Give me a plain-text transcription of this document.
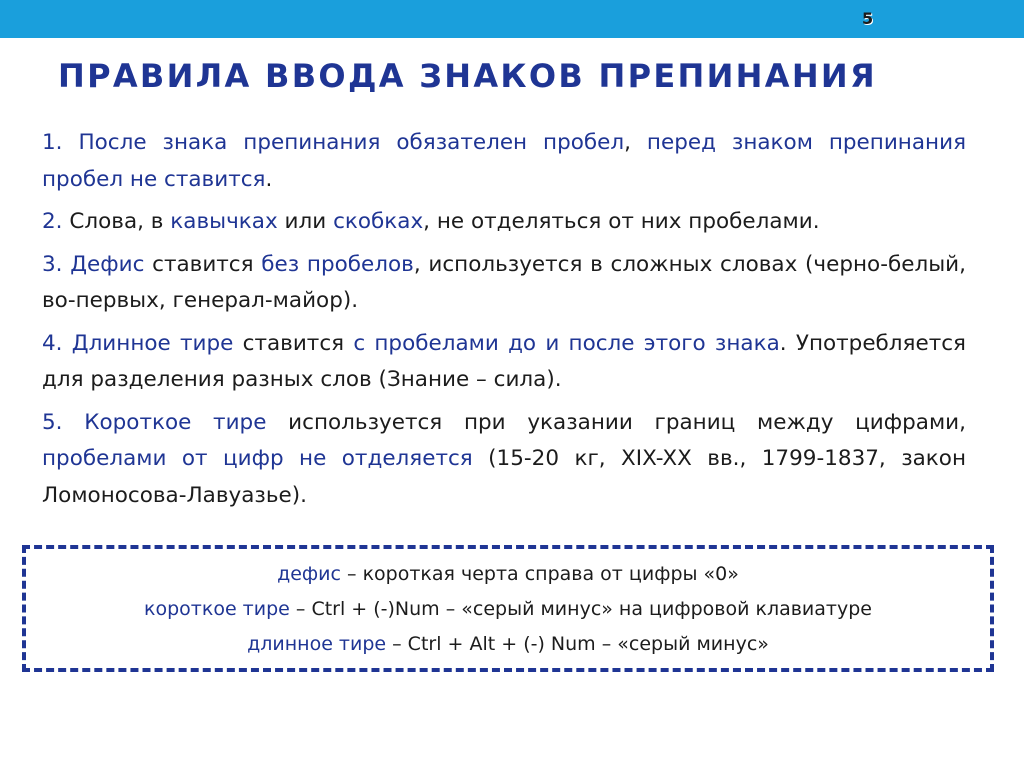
5
ПРАВИЛА ВВОДА ЗНАКОВ ПРЕПИНАНИЯ

1. После знака препинания обязателен пробел, перед знаком препинания пробел не ставится.

2. Слова, в кавычках или скобках, не отделяться от них пробелами.

3. Дефис ставится без пробелов, используется в сложных словах (черно-белый, во-первых, генерал-майор).

4. Длинное тире ставится с пробелами до и после этого знака. Употребляется для разделения разных слов (Знание – сила).

5. Короткое тире используется при указании границ между цифрами, пробелами от цифр не отделяется (15-20 кг, XIX-XX вв., 1799-1837, закон Ломоносова-Лавуазье).

дефис – короткая черта справа от цифры «0»
короткое тире – Ctrl + (-)Num – «серый минус» на цифровой клавиатуре
длинное тире – Ctrl + Alt + (-) Num – «серый минус»
